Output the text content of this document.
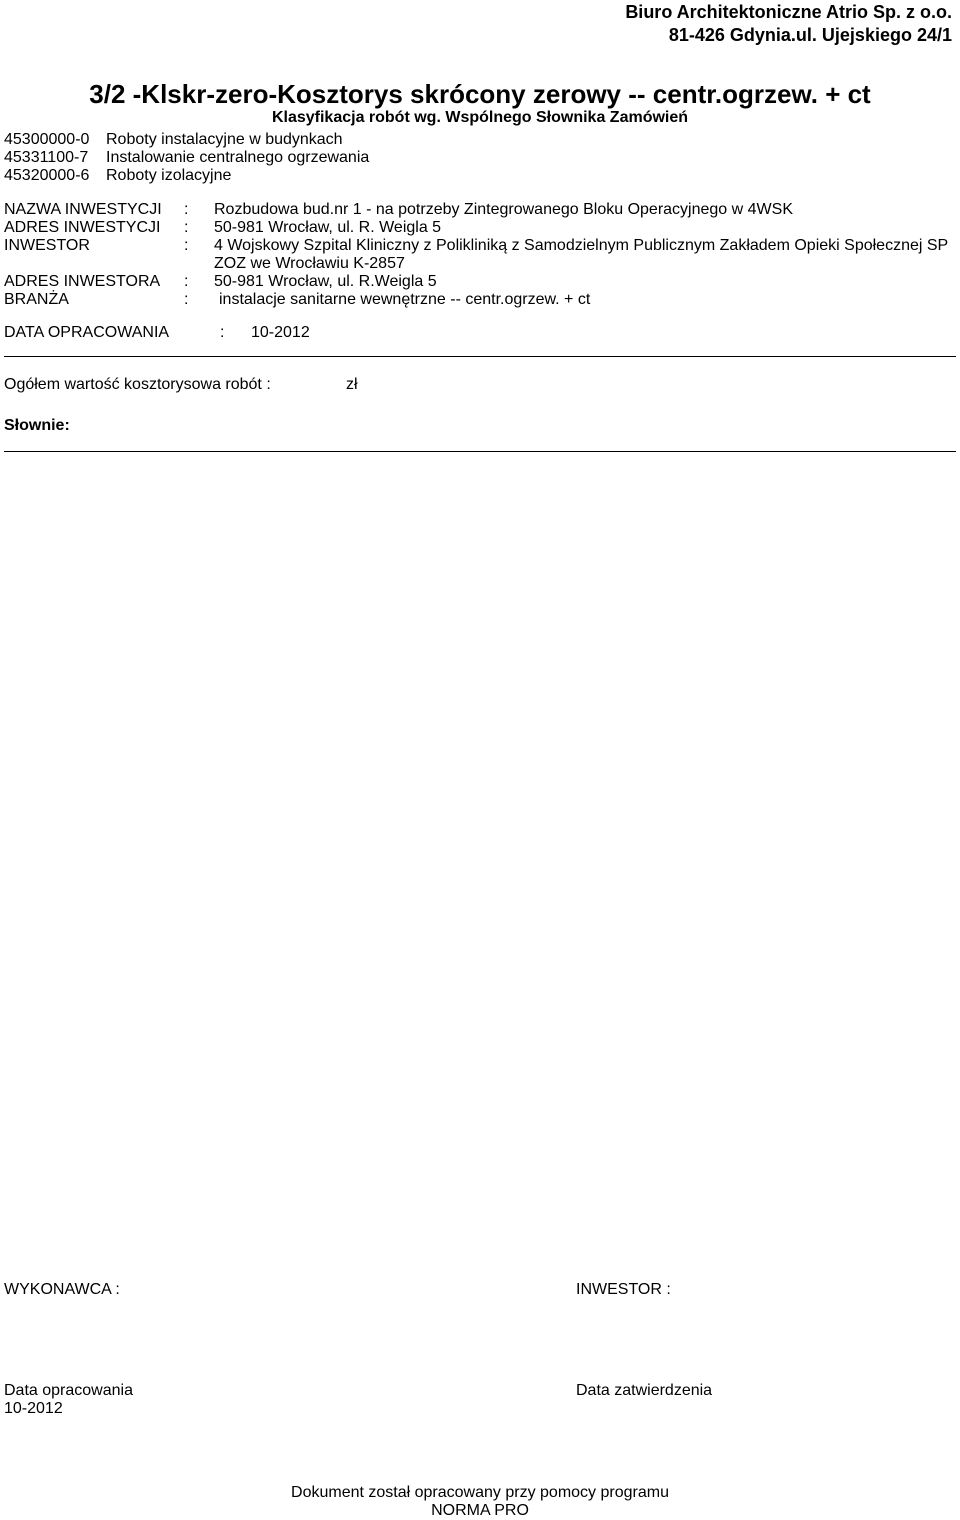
Biuro Architektoniczne Atrio Sp. z o.o.
81-426 Gdynia.ul. Ujejskiego 24/1
3/2 -Klskr-zero-Kosztorys skrócony zerowy -- centr.ogrzew. + ct
Klasyfikacja robót wg. Wspólnego Słownika Zamówień
45300000-0 Roboty instalacyjne w budynkach
45331100-7 Instalowanie centralnego ogrzewania
45320000-6 Roboty izolacyjne
NAZWA INWESTYCJI : Rozbudowa bud.nr 1 - na potrzeby Zintegrowanego Bloku Operacyjnego w 4WSK
ADRES INWESTYCJI : 50-981 Wrocław, ul. R. Weigla 5
INWESTOR	: 4 Wojskowy Szpital Kliniczny z Polikliniką z Samodzielnym Publicznym Zakładem Opieki Społecznej SP
ZOZ we Wrocławiu K-2857
ADRES INWESTORA : 50-981 Wrocław, ul. R.Weigla 5
BRANŻA	: instalacje sanitarne wewnętrzne -- centr.ogrzew. + ct
DATA OPRACOWANIA	: 10-2012
Ogółem wartość kosztorysowa robót :	zł
Słownie:
WYKONAWCA :	INWESTOR :
Data opracowania
10-2012
Data zatwierdzenia
Dokument został opracowany przy pomocy programu
NORMA PRO
